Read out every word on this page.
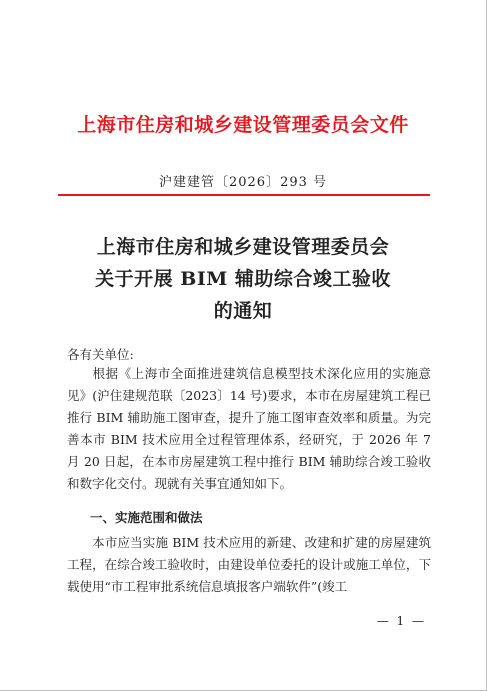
上海市住房和城乡建设管理委员会文件
沪建建管〔2026〕293 号
上海市住房和城乡建设管理委员会
关于开展 BIM 辅助综合竣工验收
的通知
各有关单位:
根据《上海市全面推进建筑信息模型技术深化应用的实施意见》(沪住建规范联〔2023〕14 号)要求，本市在房屋建筑工程已推行 BIM 辅助施工图审查，提升了施工图审查效率和质量。为完善本市 BIM 技术应用全过程管理体系，经研究，于 2026 年 7 月 20 日起，在本市房屋建筑工程中推行 BIM 辅助综合竣工验收和数字化交付。现就有关事宜通知如下。
一、实施范围和做法
本市应当实施 BIM 技术应用的新建、改建和扩建的房屋建筑工程，在综合竣工验收时，由建设单位委托的设计或施工单位，下载使用“市工程审批系统信息填报客户端软件”(竣工
— 1 —
